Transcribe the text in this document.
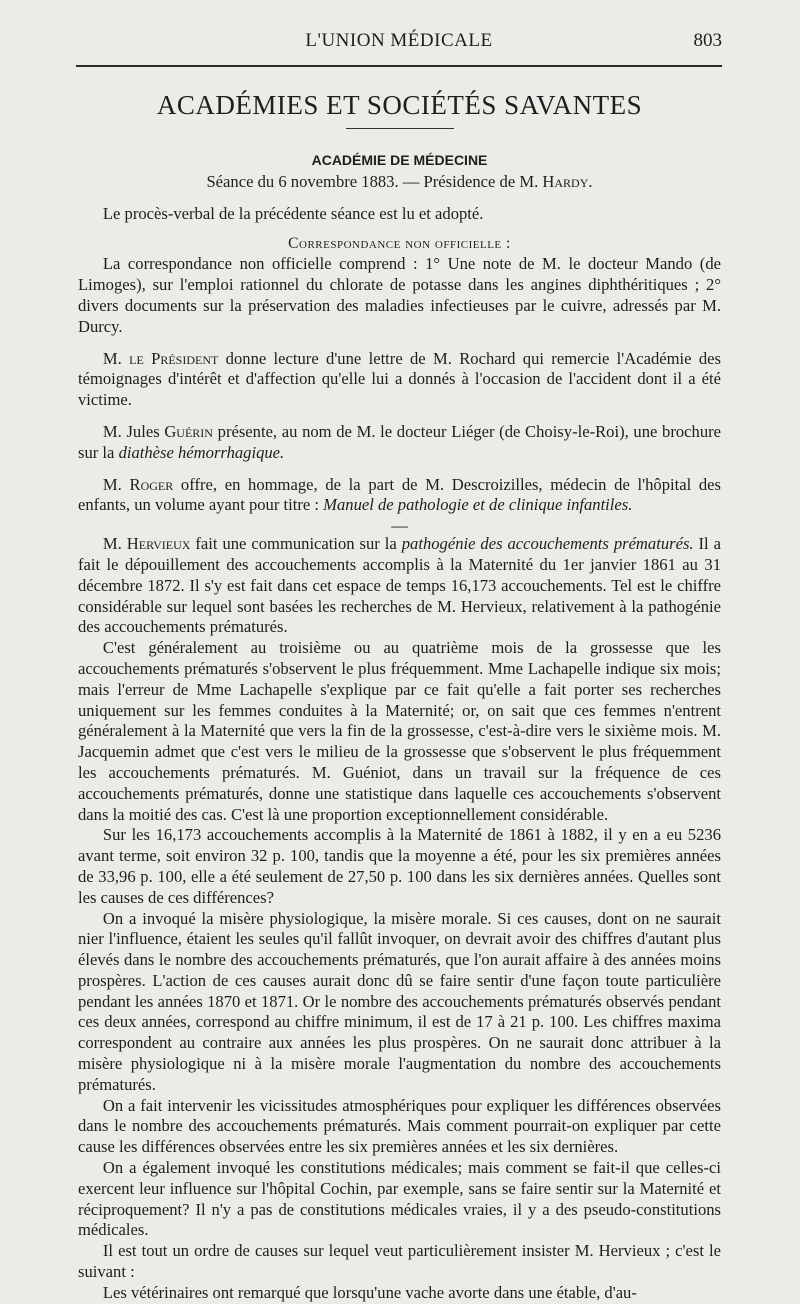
L'UNION MÉDICALE	803
ACADÉMIES ET SOCIÉTÉS SAVANTES
ACADÉMIE DE MÉDECINE
Séance du 6 novembre 1883. — Présidence de M. Hardy.

Le procès-verbal de la précédente séance est lu et adopté.

Correspondance non officielle :

La correspondance non officielle comprend : 1° Une note de M. le docteur Mando (de Limoges), sur l'emploi rationnel du chlorate de potasse dans les angines diphthéritiques ; 2° divers documents sur la préservation des maladies infectieuses par le cuivre, adressés par M. Durcy.

M. le Président donne lecture d'une lettre de M. Rochard qui remercie l'Académie des témoignages d'intérêt et d'affection qu'elle lui a donnés à l'occasion de l'accident dont il a été victime.

M. Jules Guérin présente, au nom de M. le docteur Liéger (de Choisy-le-Roi), une brochure sur la diathèse hémorrhagique.

M. Roger offre, en hommage, de la part de M. Descroizilles, médecin de l'hôpital des enfants, un volume ayant pour titre : Manuel de pathologie et de clinique infantiles.

—

M. Hervieux fait une communication sur la pathogénie des accouchements prématurés. Il a fait le dépouillement des accouchements accomplis à la Maternité du 1er janvier 1861 au 31 décembre 1872. Il s'y est fait dans cet espace de temps 16,173 accouchements. Tel est le chiffre considérable sur lequel sont basées les recherches de M. Hervieux, relativement à la pathogénie des accouchements prématurés.

C'est généralement au troisième ou au quatrième mois de la grossesse que les accouchements prématurés s'observent le plus fréquemment. Mme Lachapelle indique six mois; mais l'erreur de Mme Lachapelle s'explique par ce fait qu'elle a fait porter ses recherches uniquement sur les femmes conduites à la Maternité; or, on sait que ces femmes n'entrent généralement à la Maternité que vers la fin de la grossesse, c'est-à-dire vers le sixième mois. M. Jacquemin admet que c'est vers le milieu de la grossesse que s'observent le plus fréquemment les accouchements prématurés. M. Guéniot, dans un travail sur la fréquence de ces accouchements prématurés, donne une statistique dans laquelle ces accouchements s'observent dans la moitié des cas. C'est là une proportion exceptionnellement considérable.

Sur les 16,173 accouchements accomplis à la Maternité de 1861 à 1882, il y en a eu 5236 avant terme, soit environ 32 p. 100, tandis que la moyenne a été, pour les six premières années de 33,96 p. 100, elle a été seulement de 27,50 p. 100 dans les six dernières années. Quelles sont les causes de ces différences?

On a invoqué la misère physiologique, la misère morale. Si ces causes, dont on ne saurait nier l'influence, étaient les seules qu'il fallût invoquer, on devrait avoir des chiffres d'autant plus élevés dans le nombre des accouchements prématurés, que l'on aurait affaire à des années moins prospères. L'action de ces causes aurait donc dû se faire sentir d'une façon toute particulière pendant les années 1870 et 1871. Or le nombre des accouchements prématurés observés pendant ces deux années, correspond au chiffre minimum, il est de 17 à 21 p. 100. Les chiffres maxima correspondent au contraire aux années les plus prospères. On ne saurait donc attribuer à la misère physiologique ni à la misère morale l'augmentation du nombre des accouchements prématurés.

On a fait intervenir les vicissitudes atmosphériques pour expliquer les différences observées dans le nombre des accouchements prématurés. Mais comment pourrait-on expliquer par cette cause les différences observées entre les six premières années et les six dernières.

On a également invoqué les constitutions médicales; mais comment se fait-il que celles-ci exercent leur influence sur l'hôpital Cochin, par exemple, sans se faire sentir sur la Maternité et réciproquement? Il n'y a pas de constitutions médicales vraies, il y a des pseudo-constitutions médicales.

Il est tout un ordre de causes sur lequel veut particulièrement insister M. Hervieux ; c'est le suivant :

Les vétérinaires ont remarqué que lorsqu'une vache avorte dans une étable, d'au-
